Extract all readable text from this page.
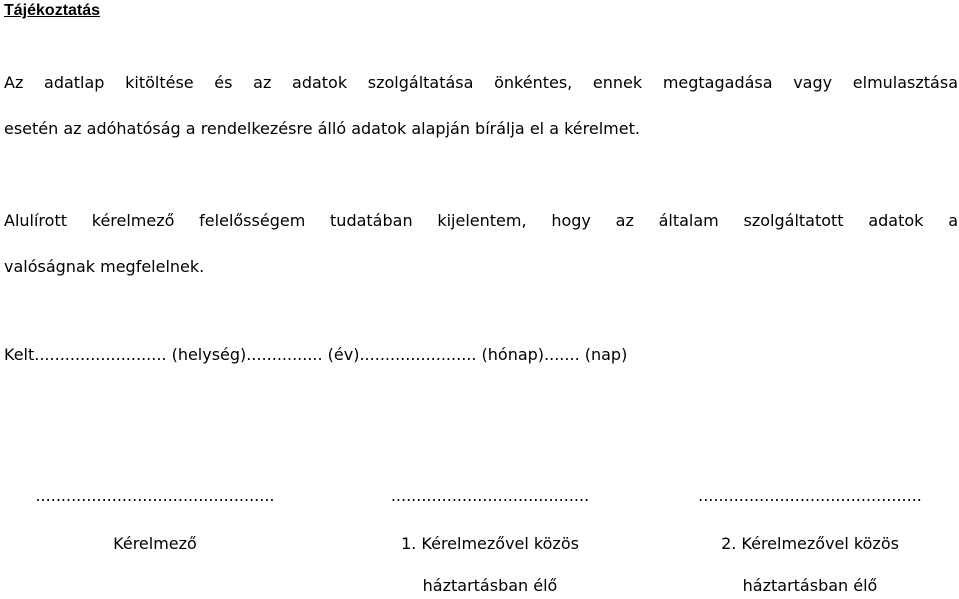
Tájékoztatás
Az adatlap kitöltése és az adatok szolgáltatása önkéntes, ennek megtagadása vagy elmulasztása
esetén az adóhatóság a rendelkezésre álló adatok alapján bírálja el a kérelmet.
Alulírott kérelmező felelősségem tudatában kijelentem, hogy az általam szolgáltatott adatok a
valóságnak megfelelnek.
Kelt.......................... (helység)............... (év)....................... (hónap)....... (nap)
...............................................
Kérelmező
.......................................
1. Kérelmezővel közös
háztartásban élő
............................................
2. Kérelmezővel közös
háztartásban élő
